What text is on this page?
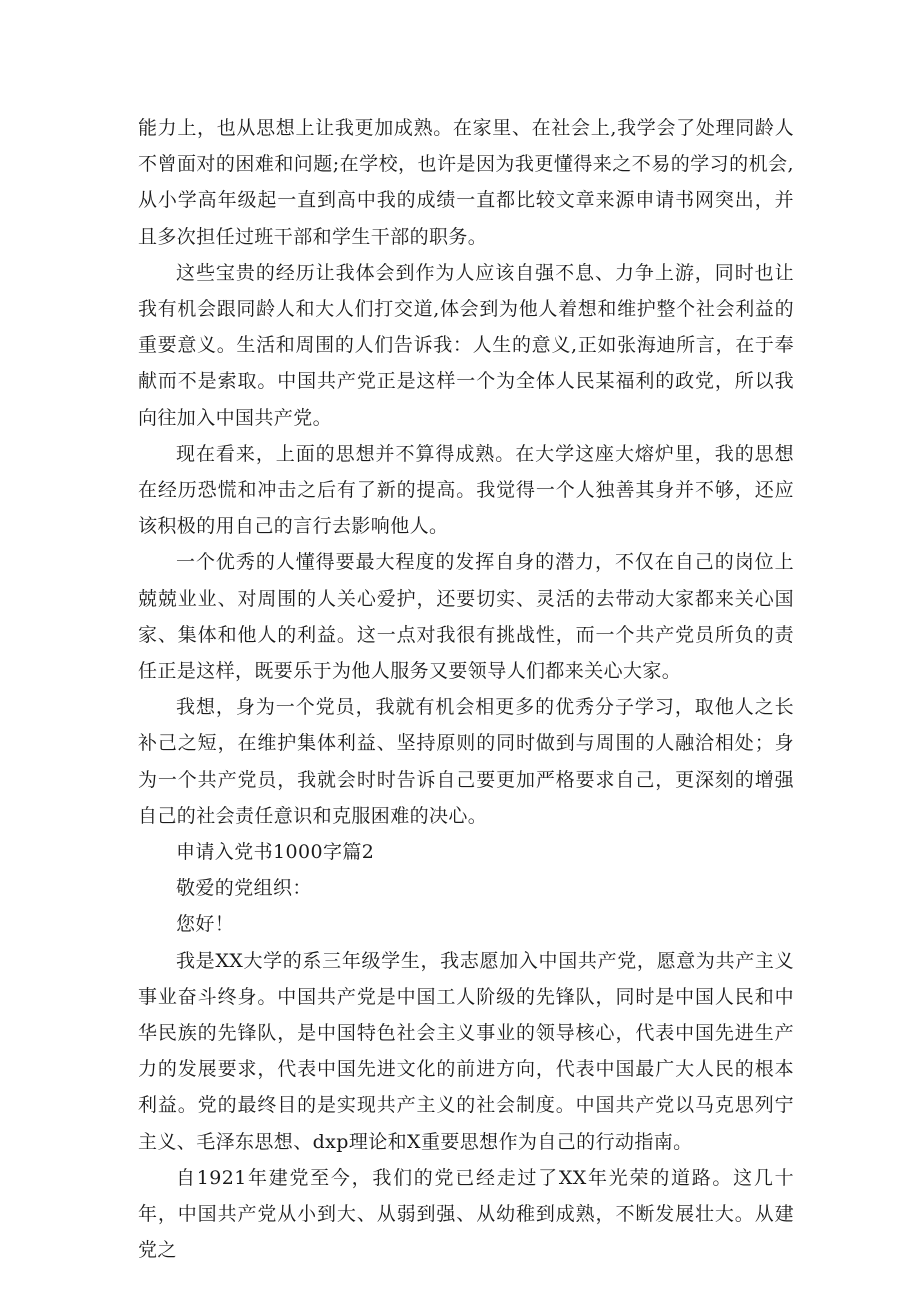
能力上，也从思想上让我更加成熟。在家里、在社会上,我学会了处理同龄人不曾面对的困难和问题;在学校，也许是因为我更懂得来之不易的学习的机会,从小学高年级起一直到高中我的成绩一直都比较文章来源申请书网突出，并且多次担任过班干部和学生干部的职务。

这些宝贵的经历让我体会到作为人应该自强不息、力争上游，同时也让我有机会跟同龄人和大人们打交道,体会到为他人着想和维护整个社会利益的重要意义。生活和周围的人们告诉我：人生的意义,正如张海迪所言，在于奉献而不是索取。中国共产党正是这样一个为全体人民某福利的政党，所以我向往加入中国共产党。

现在看来，上面的思想并不算得成熟。在大学这座大熔炉里，我的思想在经历恐慌和冲击之后有了新的提高。我觉得一个人独善其身并不够，还应该积极的用自己的言行去影响他人。

一个优秀的人懂得要最大程度的发挥自身的潜力，不仅在自己的岗位上兢兢业业、对周围的人关心爱护，还要切实、灵活的去带动大家都来关心国家、集体和他人的利益。这一点对我很有挑战性，而一个共产党员所负的责任正是这样，既要乐于为他人服务又要领导人们都来关心大家。

我想，身为一个党员，我就有机会相更多的优秀分子学习，取他人之长补己之短，在维护集体利益、坚持原则的同时做到与周围的人融洽相处；身为一个共产党员，我就会时时告诉自己要更加严格要求自己，更深刻的增强自己的社会责任意识和克服困难的决心。

申请入党书1000字篇2

敬爱的党组织：

您好！

我是XX大学的系三年级学生，我志愿加入中国共产党，愿意为共产主义事业奋斗终身。中国共产党是中国工人阶级的先锋队，同时是中国人民和中华民族的先锋队，是中国特色社会主义事业的领导核心，代表中国先进生产力的发展要求，代表中国先进文化的前进方向，代表中国最广大人民的根本利益。党的最终目的是实现共产主义的社会制度。中国共产党以马克思列宁主义、毛泽东思想、dxp理论和X重要思想作为自己的行动指南。

自1921年建党至今，我们的党已经走过了XX年光荣的道路。这几十年，中国共产党从小到大、从弱到强、从幼稚到成熟，不断发展壮大。从建党之
